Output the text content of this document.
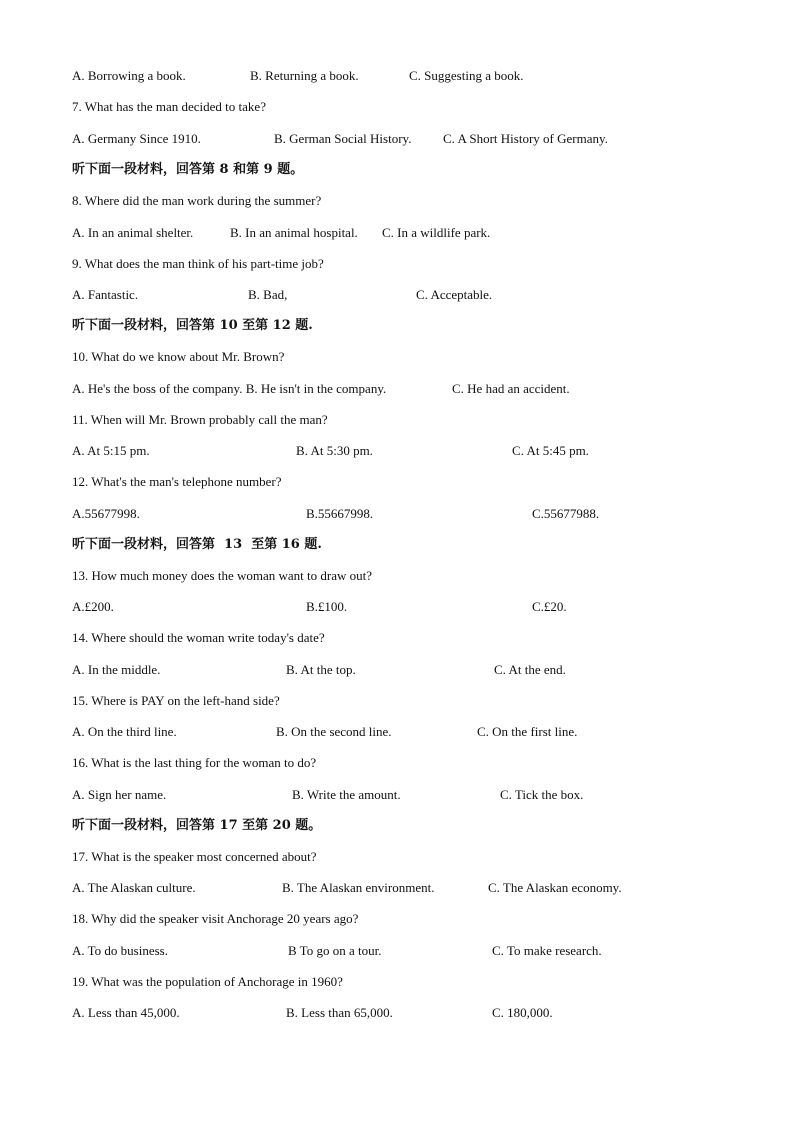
A. Borrowing a book.	B. Returning a book.	C. Suggesting a book.
7. What has the man decided to take?
A. Germany Since 1910.	B. German Social History. C. A Short History of Germany.
听下面一段材料，回答第 8 和第 9 题。
8. Where did the man work during the summer?
A. In an animal shelter.	B. In an animal hospital. C. In a wildlife park.
9. What does the man think of his part-time job?
A. Fantastic.	B. Bad,	C. Acceptable.
听下面一段材料，回答第 10 至第 12 题.
10. What do we know about Mr. Brown?
A. He's the boss of the company. B. He isn't in the company.	C. He had an accident.
11. When will Mr. Brown probably call the man?
A. At 5:15 pm.	B. At 5:30 pm.	C. At 5:45 pm.
12. What's the man's telephone number?
A.55677998.	B.55667998.	C.55677988.
听下面一段材料，回答第  13  至第 16 题.
13. How much money does the woman want to draw out?
A.£200.	B.£100.	C.£20.
14. Where should the woman write today's date?
A. In the middle.	B. At the top.	C. At the end.
15. Where is PAY on the left-hand side?
A. On the third line.	B. On the second line.	C. On the first line.
16. What is the last thing for the woman to do?
A. Sign her name.	B. Write the amount.	C. Tick the box.
听下面一段材料，回答第 17 至第 20 题。
17. What is the speaker most concerned about?
A. The Alaskan culture.	B. The Alaskan environment.	C. The Alaskan economy.
18. Why did the speaker visit Anchorage 20 years ago?
A. To do business.	B To go on a tour.	C. To make research.
19. What was the population of Anchorage in 1960?
A. Less than 45,000.	B. Less than 65,000.	C. 180,000.
